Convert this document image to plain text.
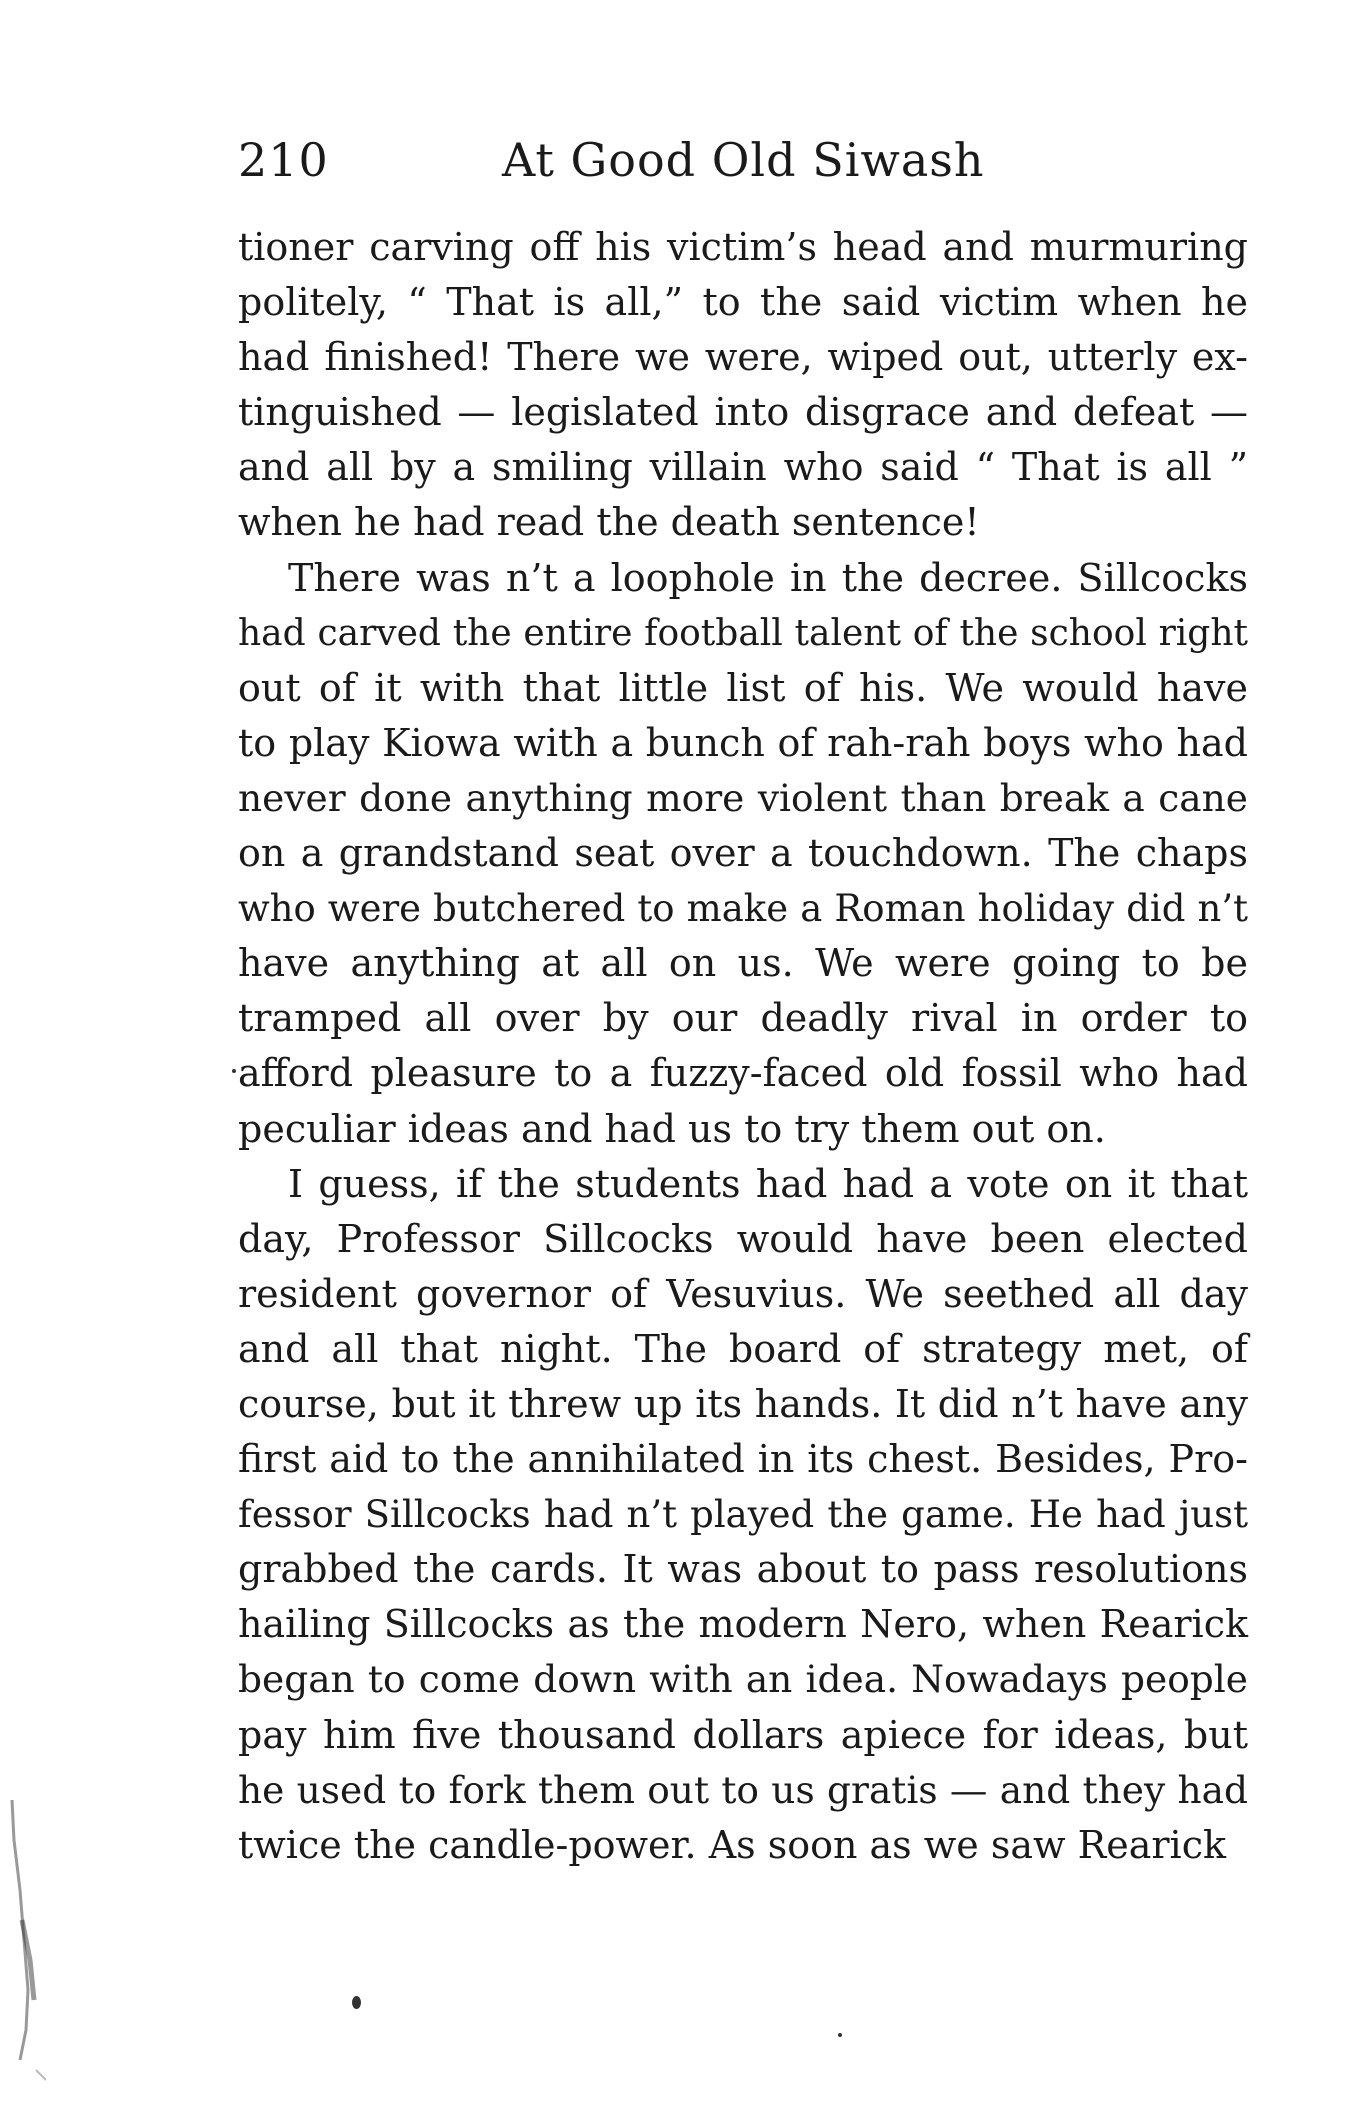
210	At Good Old Siwash
tioner carving off his victim’s head and murmuring
politely, “ That is all,” to the said victim when he
had finished! There we were, wiped out, utterly ex-
tinguished — legislated into disgrace and defeat —
and all by a smiling villain who said “ That is all ”
when he had read the death sentence!
There was n’t a loophole in the decree. Sillcocks
had carved the entire football talent of the school right
out of it with that little list of his. We would have
to play Kiowa with a bunch of rah-rah boys who had
never done anything more violent than break a cane
on a grandstand seat over a touchdown. The chaps
who were butchered to make a Roman holiday did n’t
have anything at all on us. We were going to be
tramped all over by our deadly rival in order to
afford pleasure to a fuzzy-faced old fossil who had
peculiar ideas and had us to try them out on.
I guess, if the students had had a vote on it that
day, Professor Sillcocks would have been elected
resident governor of Vesuvius. We seethed all day
and all that night. The board of strategy met, of
course, but it threw up its hands. It did n’t have any
first aid to the annihilated in its chest. Besides, Pro-
fessor Sillcocks had n’t played the game. He had just
grabbed the cards. It was about to pass resolutions
hailing Sillcocks as the modern Nero, when Rearick
began to come down with an idea. Nowadays people
pay him five thousand dollars apiece for ideas, but
he used to fork them out to us gratis — and they had
twice the candle-power. As soon as we saw Rearick
